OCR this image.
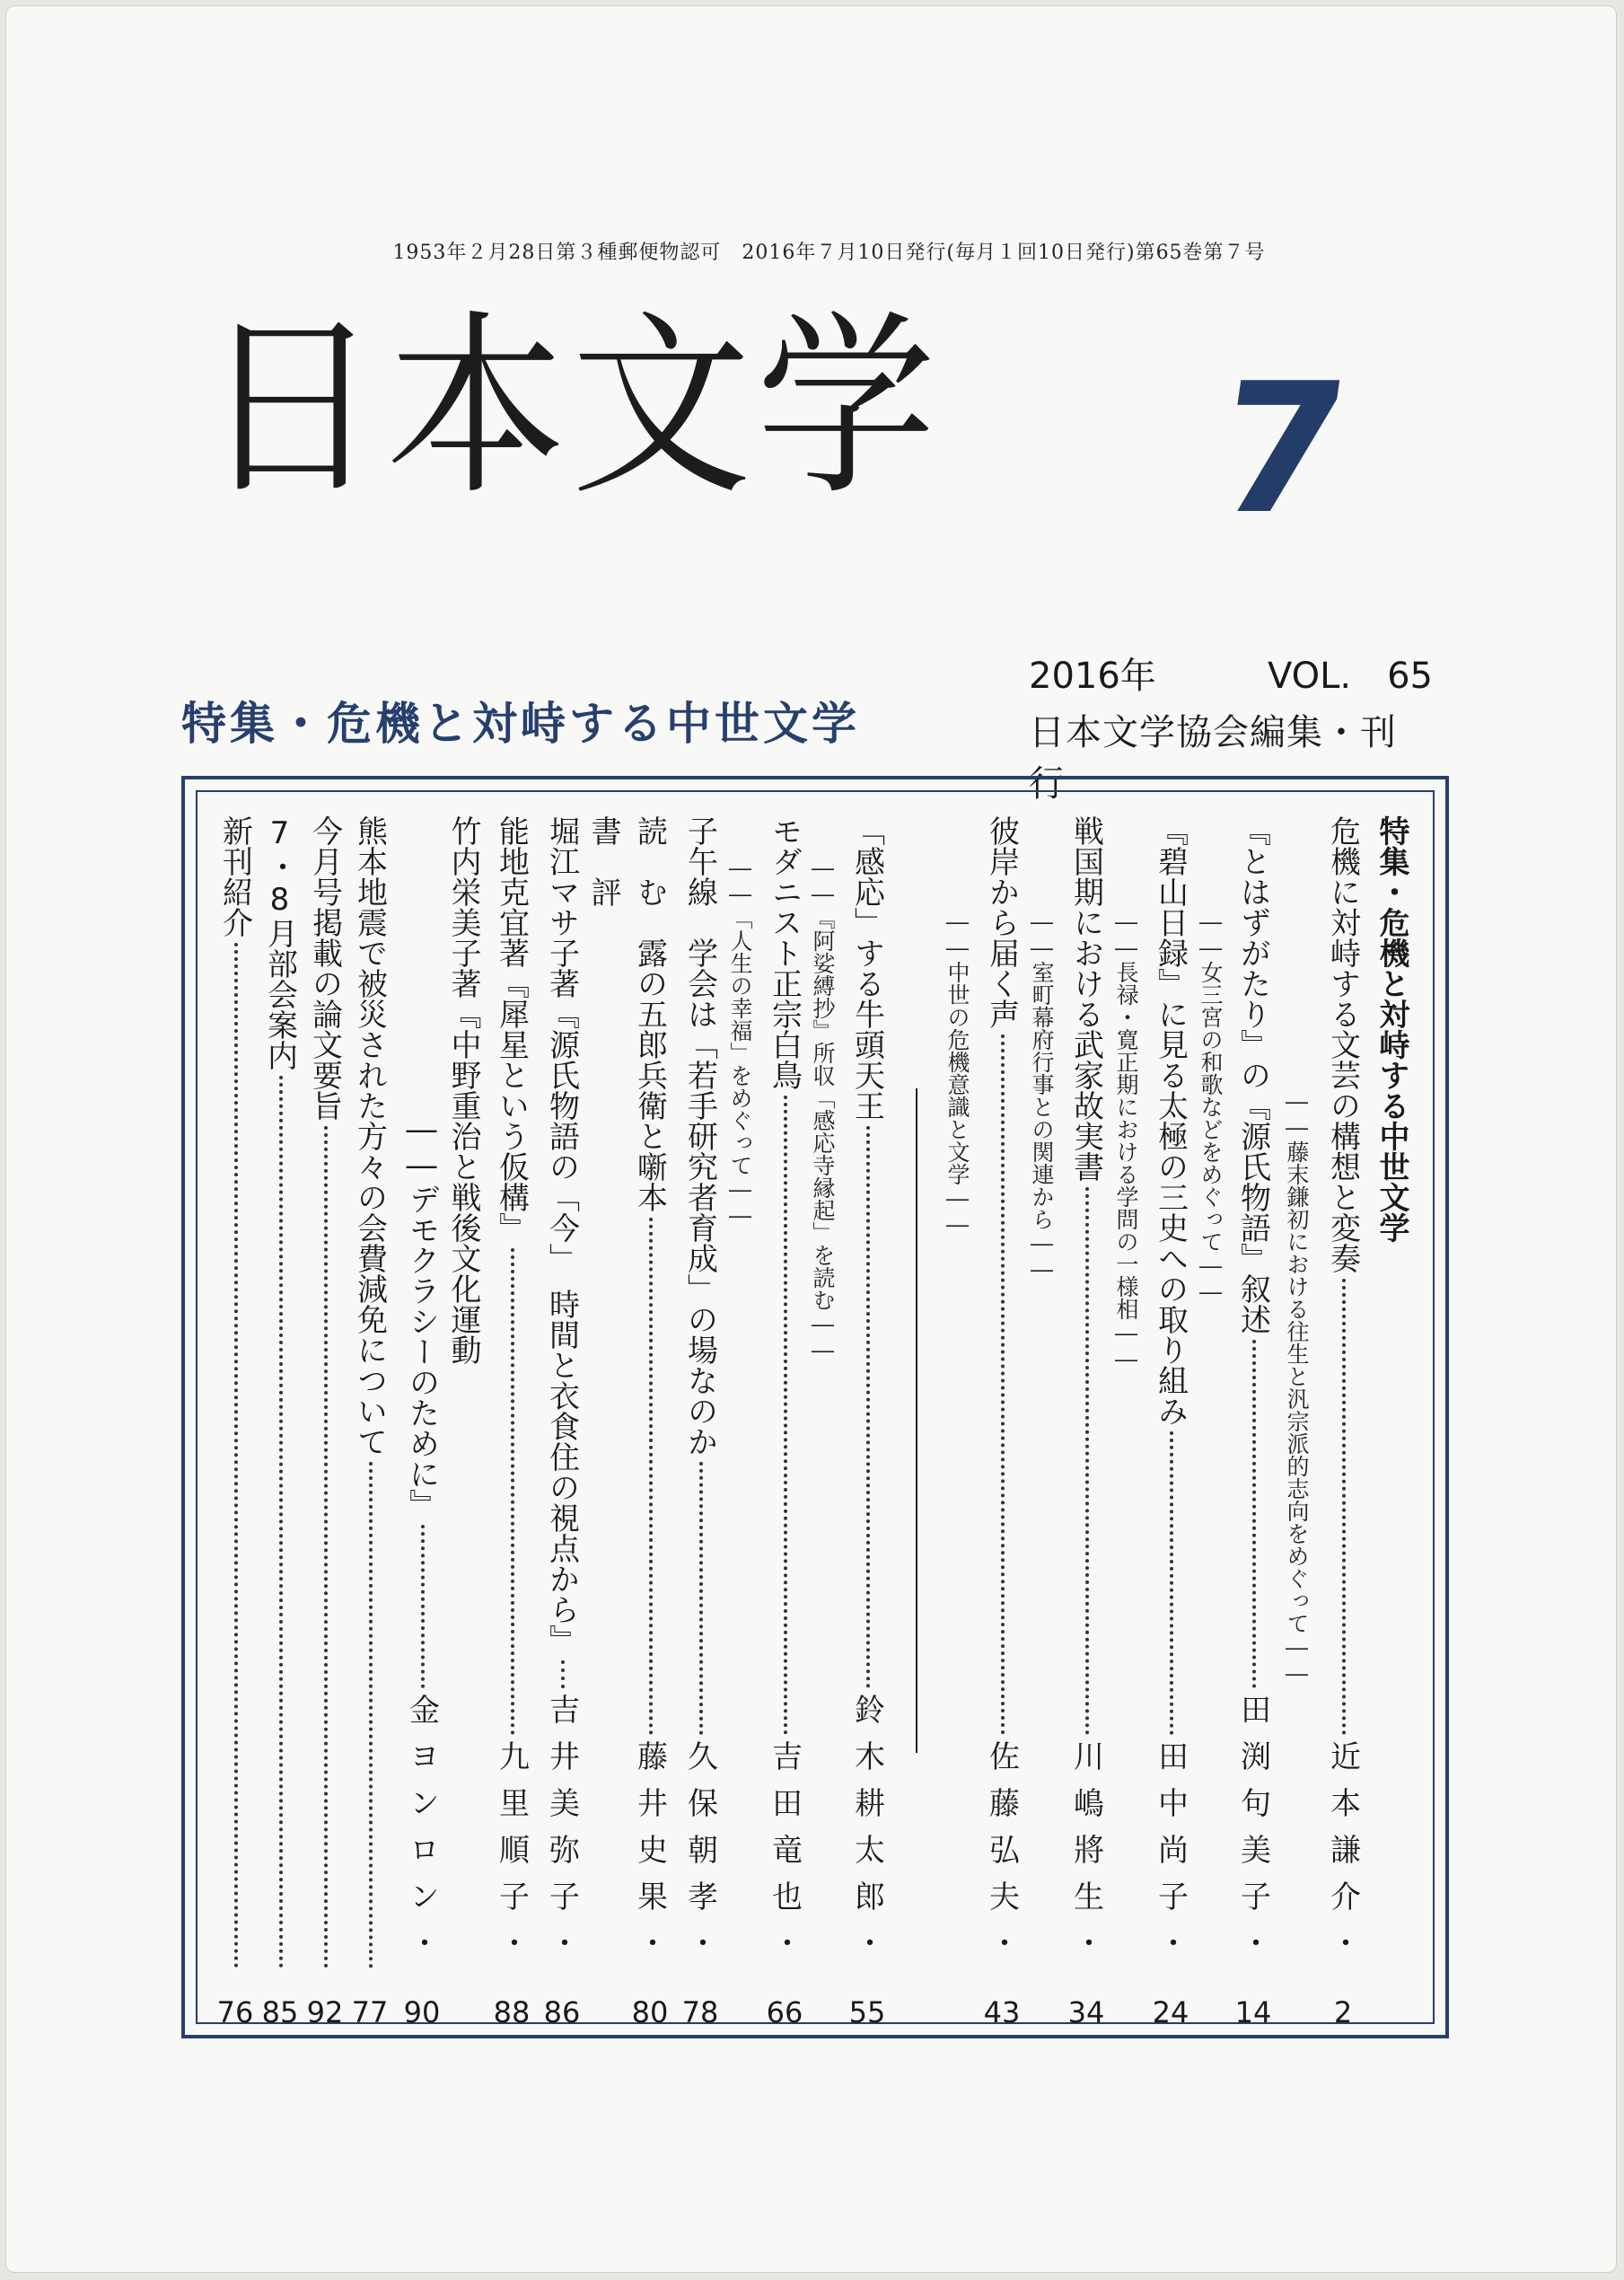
1953年２月28日第３種郵便物認可　2016年７月10日発行(毎月１回10日発行)第65巻第７号
日本文学 7
特集・危機と対峙する中世文学
2016年	VOL.　65
日本文学協会編集・刊行
特集・危機と対峙する中世文学
危機に対峙する文芸の構想と変奏
近本謙介・
――藤末鎌初における往生と汎宗派的志向をめぐって――
2
『とはずがたり』の『源氏物語』叙述
田渕句美子・
――女三宮の和歌などをめぐって――
14
『碧山日録』に見る太極の三史への取り組み
田中尚子・
――長禄・寛正期における学問の一様相――
24
戦国期における武家故実書
川嶋將生・
――室町幕府行事との関連から――
34
彼岸から届く声
佐藤弘夫・
――中世の危機意識と文学――
43
「感応」する牛頭天王
鈴木耕太郎・
――『阿娑縛抄』所収「感応寺縁起」を読む――
55
モダニスト正宗白鳥
吉田竜也・
――「人生の幸福」をめぐって――
66
子午線　学会は「若手研究者育成」の場なのか
久保朝孝・
78
読　む　露の五郎兵衛と噺本
藤井史果・
80
書　評
堀江マサ子著『源氏物語の「今」　時間と衣食住の視点から』
吉井美弥子・
86
能地克宜著『犀星という仮構』
九里順子・
88
竹内栄美子著『中野重治と戦後文化運動
――デモクラシーのために』
金ヨンロン・
90
熊本地震で被災された方々の会費減免について
77
今月号掲載の論文要旨
92
7・8月部会案内
85
新刊紹介
76
